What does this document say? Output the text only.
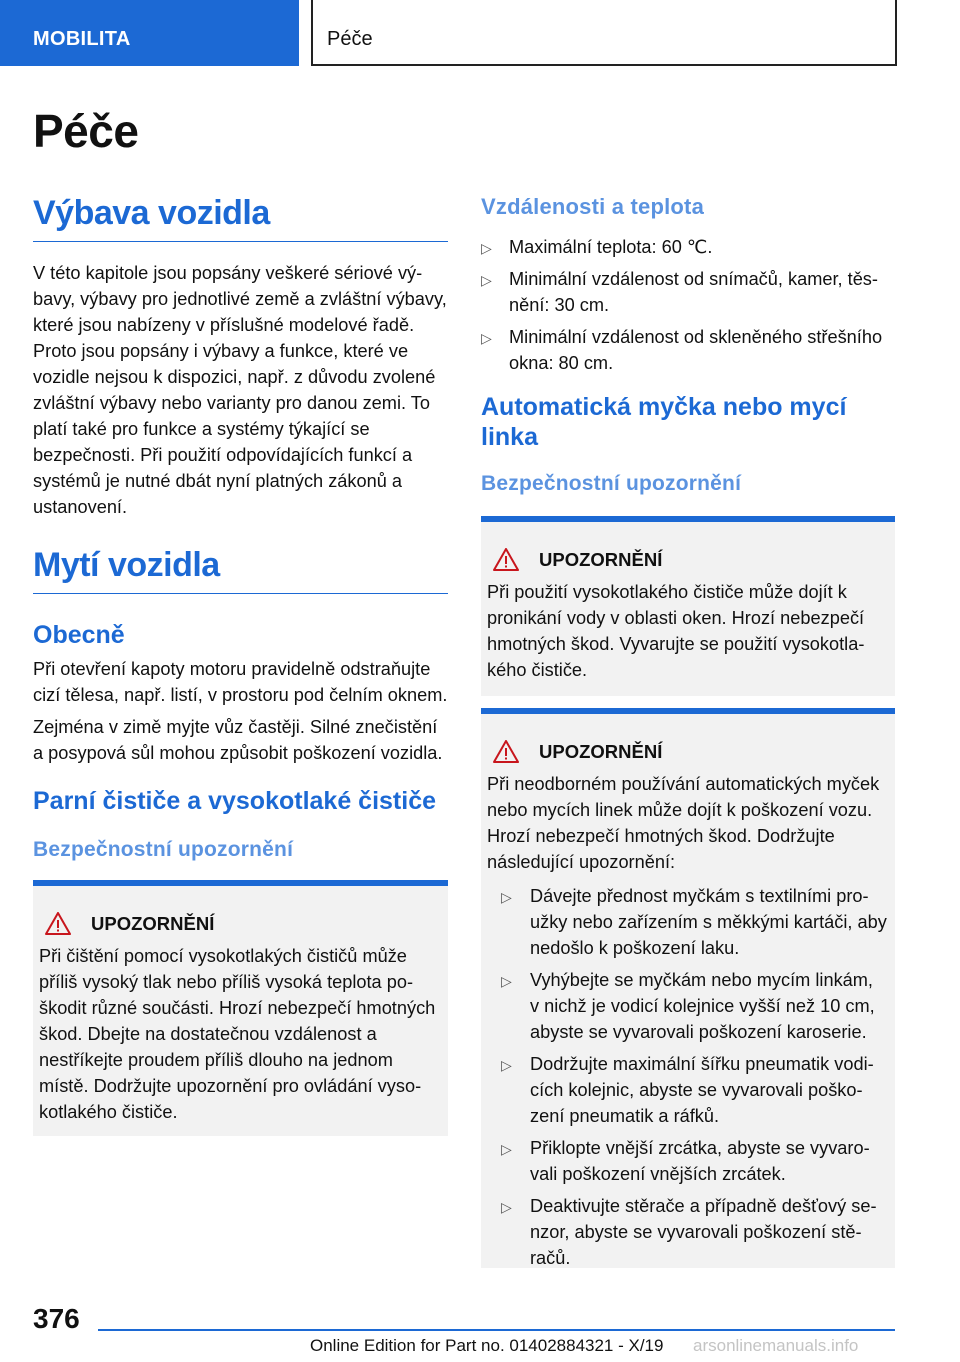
MOBILITA	Péče
Péče
Výbava vozidla

V této kapitole jsou popsány veškeré sériové výbavy, výbavy pro jednotlivé země a zvláštní výbavy, které jsou nabízeny v příslušné modelové řadě. Proto jsou popsány i výbavy a funkce, které ve vozidle nejsou k dispozici, např. z důvodu zvolené zvláštní výbavy nebo varianty pro danou zemi. To platí také pro funkce a systémy týkající se bezpečnosti. Při použití odpovídajících funkcí a systémů je nutné dbát nyní platných zákonů a ustanovení.

Mytí vozidla
Obecně

Při otevření kapoty motoru pravidelně odstraňujte cizí tělesa, např. listí, v prostoru pod čelním oknem.

Zejména v zimě myjte vůz častěji. Silné znečistění a posypová sůl mohou způsobit poškození vozidla.

Parní čističe a vysokotlaké čističe
Bezpečnostní upozornění
UPOZORNĚNÍ

Při čištění pomocí vysokotlakých čističů může příliš vysoký tlak nebo příliš vysoká teplota poškodit různé součásti. Hrozí nebezpečí hmotných škod. Dbejte na dostatečnou vzdálenost a nestříkejte proudem příliš dlouho na jednom místě. Dodržujte upozornění pro ovládání vysokotlakého čističe.

Vzdálenosti a teplota
▷ Maximální teplota: 60 ℃.
▷ Minimální vzdálenost od snímačů, kamer, těsnění: 30 cm.
▷ Minimální vzdálenost od skleněného střešního okna: 80 cm.
Automatická myčka nebo mycí linka
Bezpečnostní upozornění
UPOZORNĚNÍ

Při použití vysokotlakého čističe může dojít k pronikání vody v oblasti oken. Hrozí nebezpečí hmotných škod. Vyvarujte se použití vysokotlakého čističe.

UPOZORNĚNÍ

Při neodborném používání automatických myček nebo mycích linek může dojít k poškození vozu. Hrozí nebezpečí hmotných škod. Dodržujte následující upozornění:

▷ Dávejte přednost myčkám s textilními proužky nebo zařízením s měkkými kartáči, aby nedošlo k poškození laku.
▷ Vyhýbejte se myčkám nebo mycím linkám, v nichž je vodicí kolejnice vyšší než 10 cm, abyste se vyvarovali poškození karoserie.
▷ Dodržujte maximální šířku pneumatik vodicích kolejnic, abyste se vyvarovali poškození pneumatik a ráfků.
▷ Přiklopte vnější zrcátka, abyste se vyvarovali poškození vnějších zrcátek.
▷ Deaktivujte stěrače a případně dešťový senzor, abyste se vyvarovali poškození stěračů.
376
Online Edition for Part no. 01402884321 - X/19 arsonlinemanuals.info
